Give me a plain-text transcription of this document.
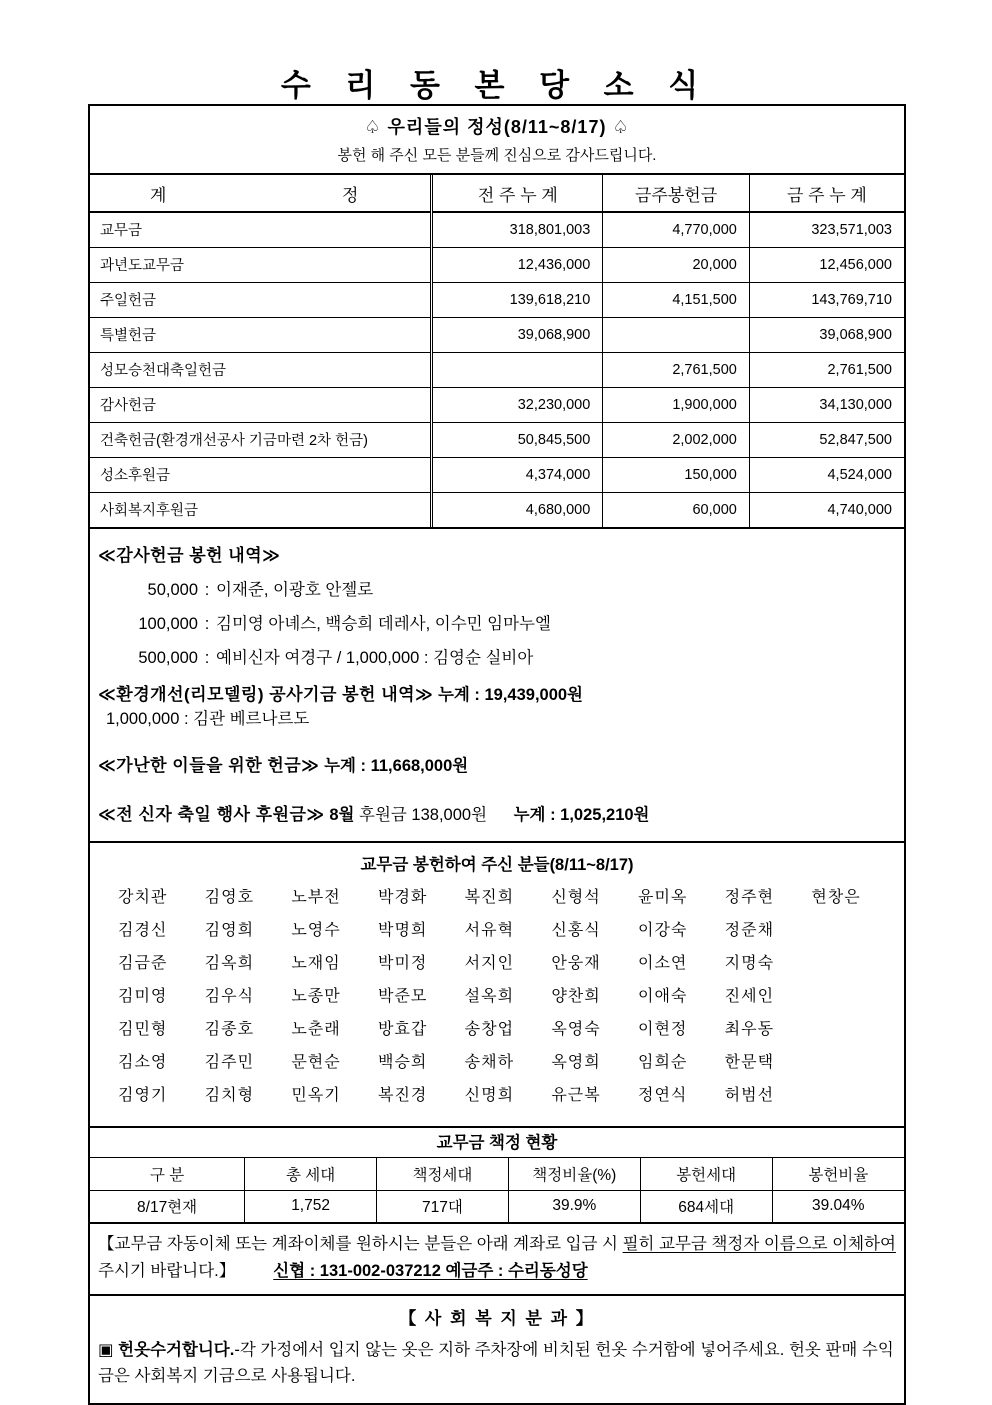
수 리 동 본 당 소 식
♤ 우리들의 정성(8/11~8/17) ♤
봉헌 해 주신 모든 분들께 진심으로 감사드립니다.
계 정	전 주 누 계	금주봉헌금	금 주 누 계
교무금	318,801,003	4,770,000	323,571,003
과년도교무금	12,436,000	20,000	12,456,000
주일헌금	139,618,210	4,151,500	143,769,710
특별헌금	39,068,900		39,068,900
성모승천대축일헌금		2,761,500	2,761,500
감사헌금	32,230,000	1,900,000	34,130,000
건축헌금(환경개선공사 기금마련 2차 헌금)	50,845,500	2,002,000	52,847,500
성소후원금	4,374,000	150,000	4,524,000
사회복지후원금	4,680,000	60,000	4,740,000
≪감사헌금 봉헌 내역≫
50,000 : 이재준, 이광호 안젤로
100,000 : 김미영 아녜스, 백승희 데레사, 이수민 임마누엘
500,000 : 예비신자 여경구 / 1,000,000 : 김영순 실비아
≪환경개선(리모델링) 공사기금 봉헌 내역≫ 누계 : 19,439,000원
1,000,000 : 김관 베르나르도
≪가난한 이들을 위한 헌금≫ 누계 : 11,668,000원
≪전 신자 축일 행사 후원금≫ 8월 후원금 138,000원 누계 : 1,025,210원
교무금 봉헌하여 주신 분들(8/11~8/17)
강치관	김영호	노부전	박경화	복진희	신형석	윤미옥	정주현	현창은
김경신	김영희	노영수	박명희	서유혁	신홍식	이강숙	정준채
김금준	김옥희	노재임	박미정	서지인	안웅재	이소연	지명숙
김미영	김우식	노종만	박준모	설옥희	양찬희	이애숙	진세인
김민형	김종호	노춘래	방효갑	송창업	옥영숙	이현정	최우동
김소영	김주민	문현순	백승희	송채하	옥영희	임희순	한문택
김영기	김치형	민옥기	복진경	신명희	유근복	정연식	허범선
교무금 책정 현황
구 분	총 세대	책정세대	책정비율(%)	봉헌세대	봉헌비율
8/17현재	1,752	717대	39.9%	684세대	39.04%
【교무금 자동이체 또는 계좌이체를 원하시는 분들은 아래 계좌로 입금 시 필히 교무금 책정자 이름으로 이체하여 주시기 바랍니다.】 신협 : 131-002-037212 예금주 : 수리동성당
【 사 회 복 지 분 과 】
▣ 헌옷수거합니다.-각 가정에서 입지 않는 옷은 지하 주차장에 비치된 헌옷 수거함에 넣어주세요. 헌옷 판매 수익금은 사회복지 기금으로 사용됩니다.
